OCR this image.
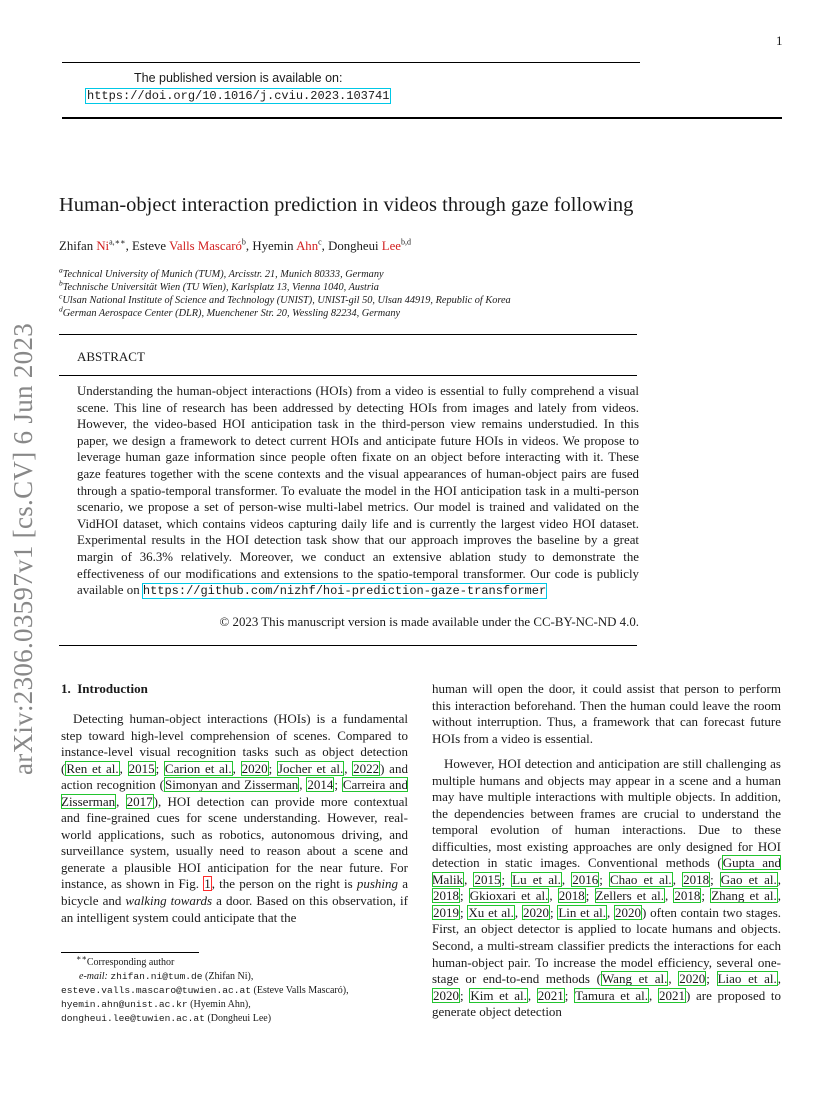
1
arXiv:2306.03597v1 [cs.CV] 6 Jun 2023
The published version is available on:
https://doi.org/10.1016/j.cviu.2023.103741
Human-object interaction prediction in videos through gaze following
Zhifan $Ni^{a,∗∗}$, Esteve Valls Mascaró$^b$, Hyemin Ahn$^c$, Dongheui Lee$^{b,d}$
$^a$Technical University of Munich (TUM), Arcisstr. 21, Munich 80333, Germany
$^b$Technische Universität Wien (TU Wien), Karlsplatz 13, Vienna 1040, Austria
$^c$Ulsan National Institute of Science and Technology (UNIST), UNIST-gil 50, Ulsan 44919, Republic of Korea
$^d$German Aerospace Center (DLR), Muenchener Str. 20, Wessling 82234, Germany
ABSTRACT

Understanding the human-object interactions (HOIs) from a video is essential to fully comprehend a visual scene. This line of research has been addressed by detecting HOIs from images and lately from videos. However, the video-based HOI anticipation task in the third-person view remains understudied. In this paper, we design a framework to detect current HOIs and anticipate future HOIs in videos. We propose to leverage human gaze information since people often fixate on an object before interacting with it. These gaze features together with the scene contexts and the visual appearances of human-object pairs are fused through a spatio-temporal transformer. To evaluate the model in the HOI anticipation task in a multi-person scenario, we propose a set of person-wise multi-label metrics. Our model is trained and validated on the VidHOI dataset, which contains videos capturing daily life and is currently the largest video HOI dataset. Experimental results in the HOI detection task show that our approach improves the baseline by a great margin of 36.3% relatively. Moreover, we conduct an extensive ablation study to demonstrate the effectiveness of our modifications and extensions to the spatio-temporal transformer. Our code is publicly available on https://github.com/nizhf/hoi-prediction-gaze-transformer

© 2023 This manuscript version is made available under the CC-BY-NC-ND 4.0.
1.  Introduction

Detecting human-object interactions (HOIs) is a fundamental step toward high-level comprehension of scenes. Compared to instance-level visual recognition tasks such as object detection (Ren et al., 2015; Carion et al., 2020; Jocher et al., 2022) and action recognition (Simonyan and Zisserman, 2014; Carreira and Zisserman, 2017), HOI detection can provide more contextual and fine-grained cues for scene understanding. However, real-world applications, such as robotics, autonomous driving, and surveillance system, usually need to reason about a scene and generate a plausible HOI anticipation for the near future. For instance, as shown in Fig. 1, the person on the right is pushing a bicycle and walking towards a door. Based on this observation, if an intelligent system could anticipate that the

human will open the door, it could assist that person to perform this interaction beforehand. Then the human could leave the room without interruption. Thus, a framework that can forecast future HOIs from a video is essential.

However, HOI detection and anticipation are still challenging as multiple humans and objects may appear in a scene and a human may have multiple interactions with multiple objects. In addition, the dependencies between frames are crucial to understand the temporal evolution of human interactions. Due to these difficulties, most existing approaches are only designed for HOI detection in static images. Conventional methods (Gupta and Malik, 2015; Lu et al., 2016; Chao et al., 2018; Gao et al., 2018; Gkioxari et al., 2018; Zellers et al., 2018; Zhang et al., 2019; Xu et al., 2020; Lin et al., 2020) often contain two stages. First, an object detector is applied to locate humans and objects. Second, a multi-stream classifier predicts the interactions for each human-object pair. To increase the model efficiency, several one-stage or end-to-end methods (Wang et al., 2020; Liao et al., 2020; Kim et al., 2021; Tamura et al., 2021) are proposed to generate object detection

∗∗Corresponding author
e-mail: zhifan.ni@tum.de (Zhifan Ni),
esteve.valls.mascaro@tuwien.ac.at (Esteve Valls Mascaró),
hyemin.ahn@unist.ac.kr (Hyemin Ahn),
dongheui.lee@tuwien.ac.at (Dongheui Lee)
